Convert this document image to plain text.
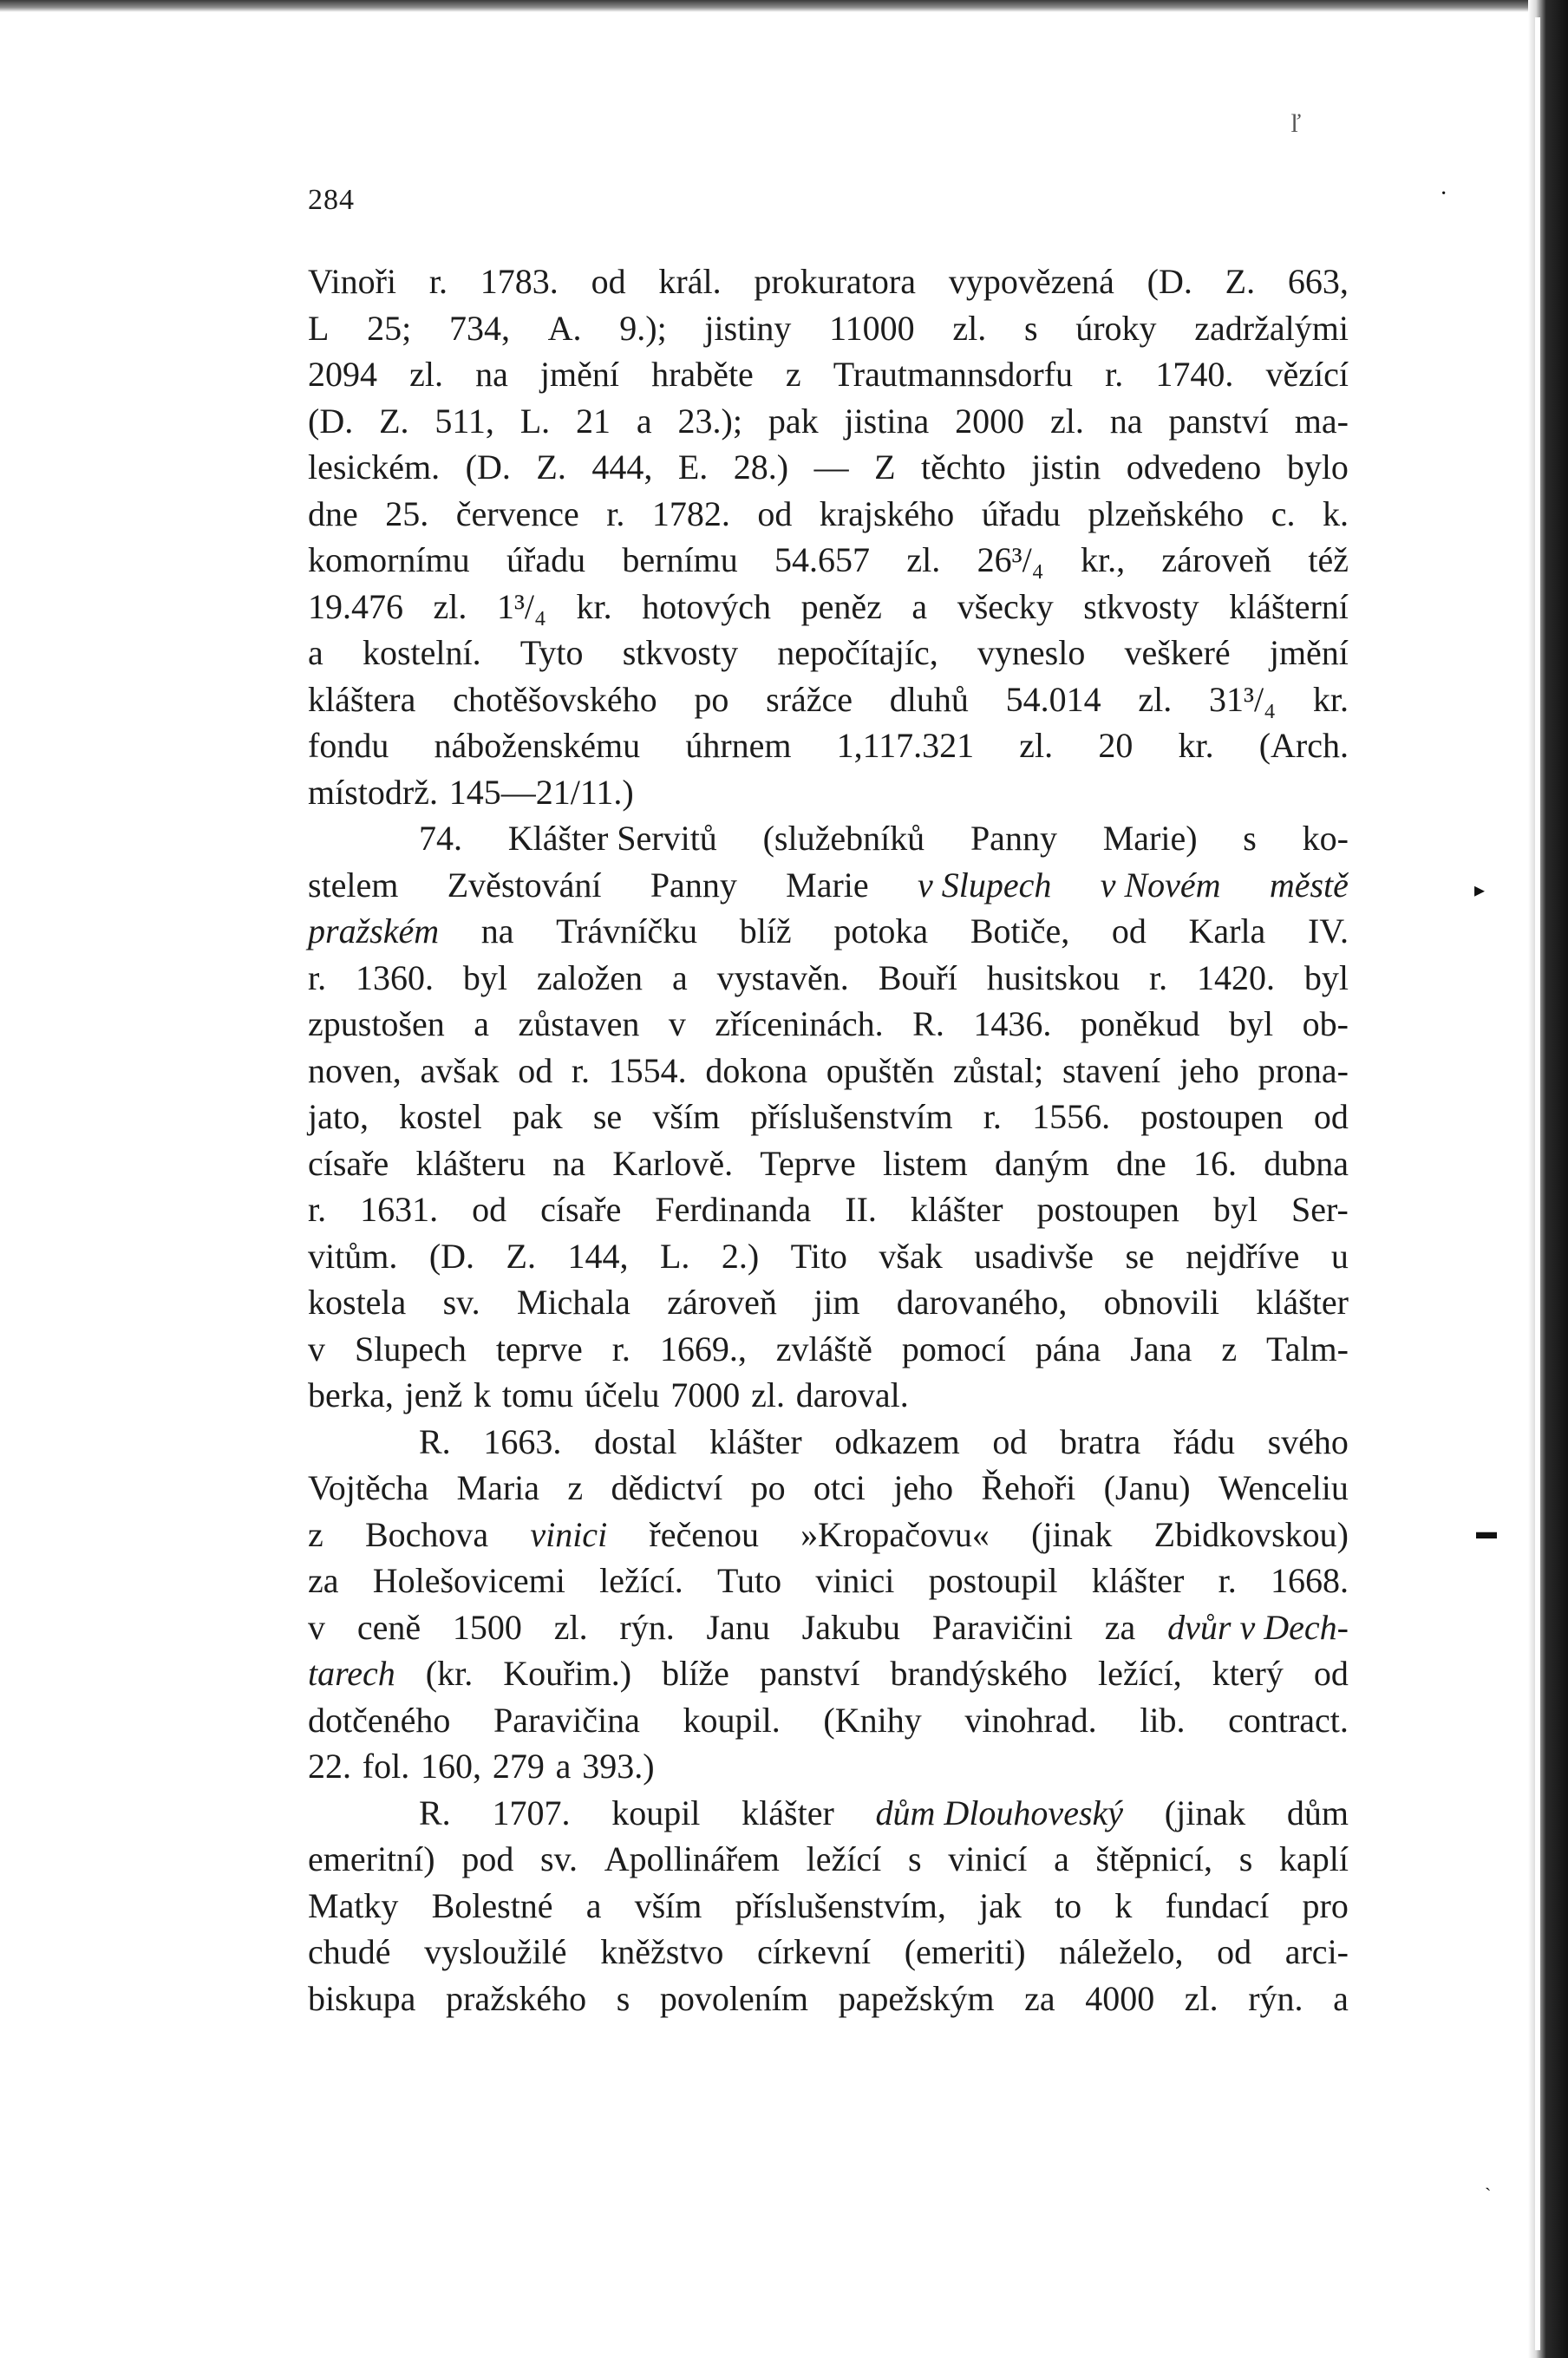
ľ
·
▸
▬
ˋ
284
Vinoři r. 1783. od král. prokuratora vypovězená (D. Z. 663,
L 25; 734, A. 9.); jistiny 11000 zl. s úroky zadržalými
2094 zl. na jmění hraběte z Trautmannsdorfu r. 1740. vězící
(D. Z. 511, L. 21 a 23.); pak jistina 2000 zl. na panství ma-
lesickém. (D. Z. 444, E. 28.) — Z těchto jistin odvedeno bylo
dne 25. července r. 1782. od krajského úřadu plzeňského c. k.
komornímu úřadu bernímu 54.657 zl. 26³/₄ kr., zároveň též
19.476 zl. 1³/₄ kr. hotových peněz a všecky stkvosty klášterní
a kostelní. Tyto stkvosty nepočítajíc, vyneslo veškeré jmění
kláštera chotěšovského po srážce dluhů 54.014 zl. 31³/₄ kr.
fondu náboženskému úhrnem 1,117.321 zl. 20 kr. (Arch.
místodrž. 145—21/11.)
74. Klášter Servitů (služebníků Panny Marie) s ko-
stelem Zvěstování Panny Marie v Slupech v Novém městě
pražském na Trávníčku blíž potoka Botiče, od Karla IV.
r. 1360. byl založen a vystavěn. Bouří husitskou r. 1420. byl
zpustošen a zůstaven v zříceninách. R. 1436. poněkud byl ob-
noven, avšak od r. 1554. dokona opuštěn zůstal; stavení jeho prona-
jato, kostel pak se vším příslušenstvím r. 1556. postoupen od
císaře klášteru na Karlově. Teprve listem daným dne 16. dubna
r. 1631. od císaře Ferdinanda II. klášter postoupen byl Ser-
vitům. (D. Z. 144, L. 2.) Tito však usadivše se nejdříve u
kostela sv. Michala zároveň jim darovaného, obnovili klášter
v Slupech teprve r. 1669., zvláště pomocí pána Jana z Talm-
berka, jenž k tomu účelu 7000 zl. daroval.
R. 1663. dostal klášter odkazem od bratra řádu svého
Vojtěcha Maria z dědictví po otci jeho Řehoři (Janu) Wenceliu
z Bochova vinici řečenou »Kropačovu« (jinak Zbidkovskou)
za Holešovicemi ležící. Tuto vinici postoupil klášter r. 1668.
v ceně 1500 zl. rýn. Janu Jakubu Paravičini za dvůr v Dech-
tarech (kr. Kouřim.) blíže panství brandýského ležící, který od
dotčeného Paravičina koupil. (Knihy vinohrad. lib. contract.
22. fol. 160, 279 a 393.)
R. 1707. koupil klášter dům Dlouhoveský (jinak dům
emeritní) pod sv. Apollinářem ležící s vinicí a štěpnicí, s kaplí
Matky Bolestné a vším příslušenstvím, jak to k fundací pro
chudé vysloužilé kněžstvo církevní (emeriti) náleželo, od arci-
biskupa pražského s povolením papežským za 4000 zl. rýn. a
